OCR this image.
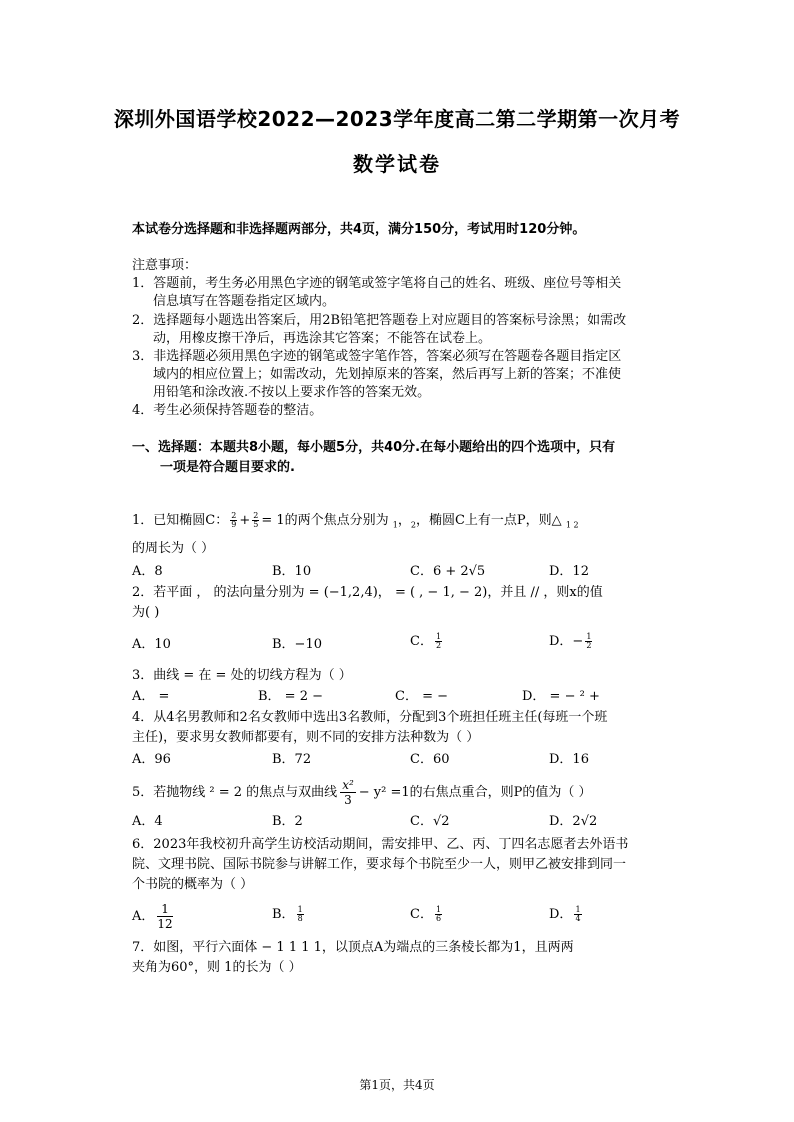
深圳外国语学校2022—2023学年度高二第二学期第一次月考
数学试卷
本试卷分选择题和非选择题两部分，共4页，满分150分，考试用时120分钟。
注意事项：
1．答题前，考生务必用黑色字迹的钢笔或签字笔将自己的姓名、班级、座位号等相关
信息填写在答题卷指定区域内。
2．选择题每小题选出答案后，用2B铅笔把答题卷上对应题目的答案标号涂黑；如需改
动，用橡皮擦干净后，再选涂其它答案；不能答在试卷上。
3．非选择题必须用黑色字迹的钢笔或签字笔作答，答案必须写在答题卷各题目指定区
域内的相应位置上；如需改动，先划掉原来的答案，然后再写上新的答案；不准使
用铅笔和涂改液.不按以上要求作答的答案无效。
4．考生必须保持答题卷的整洁。
一、选择题：本题共8小题，每小题5分，共40分.在每小题给出的四个选项中，只有
一项是符合题目要求的.
1．已知椭圆C： $\frac{2}{9} + \frac{2}{5} = 1$的两个焦点分别为 $_1$，$_2$，椭圆C上有一点P，则△ $_{1 2}$
的周长为（ ）
A．8	B．10	C．6 + 2√5	D．12
2．若平面 ， 的法向量分别为 = (−1,2,4)， = ( , − 1, − 2)，并且 // ，则x的值
为( )
A．10	B．−10	C． $\frac{1}{2}$	D．− $\frac{1}{2}$
3．曲线 = 在 = 处的切线方程为（ ）
A． =	B． = 2 −	C． = −	D． = − ² +
4．从4名男教师和2名女教师中选出3名教师，分配到3个班担任班主任(每班一个班
主任)，要求男女教师都要有，则不同的安排方法种数为（ ）
A．96	B．72	C．60	D．16
5．若抛物线 ² = 2 的焦点与双曲线 $\frac{\text{x²}}{3} - y^2 =1$的右焦点重合，则P的值为（ ）
A．4	B．2	C．√2	D．2√2
6．2023年我校初升高学生访校活动期间，需安排甲、乙、丙、丁四名志愿者去外语书
院、文理书院、国际书院参与讲解工作，要求每个书院至少一人，则甲乙被安排到同一
个书院的概率为（ ）
A． $\frac{1}{12}$	B． $\frac{1}{8}$	C． $\frac{1}{6}$	D． $\frac{1}{4}$
7．如图，平行六面体 − 1 1 1 1，以顶点A为端点的三条棱长都为1，且两两
夹角为60°，则 1的长为（ ）
第1页，共4页
